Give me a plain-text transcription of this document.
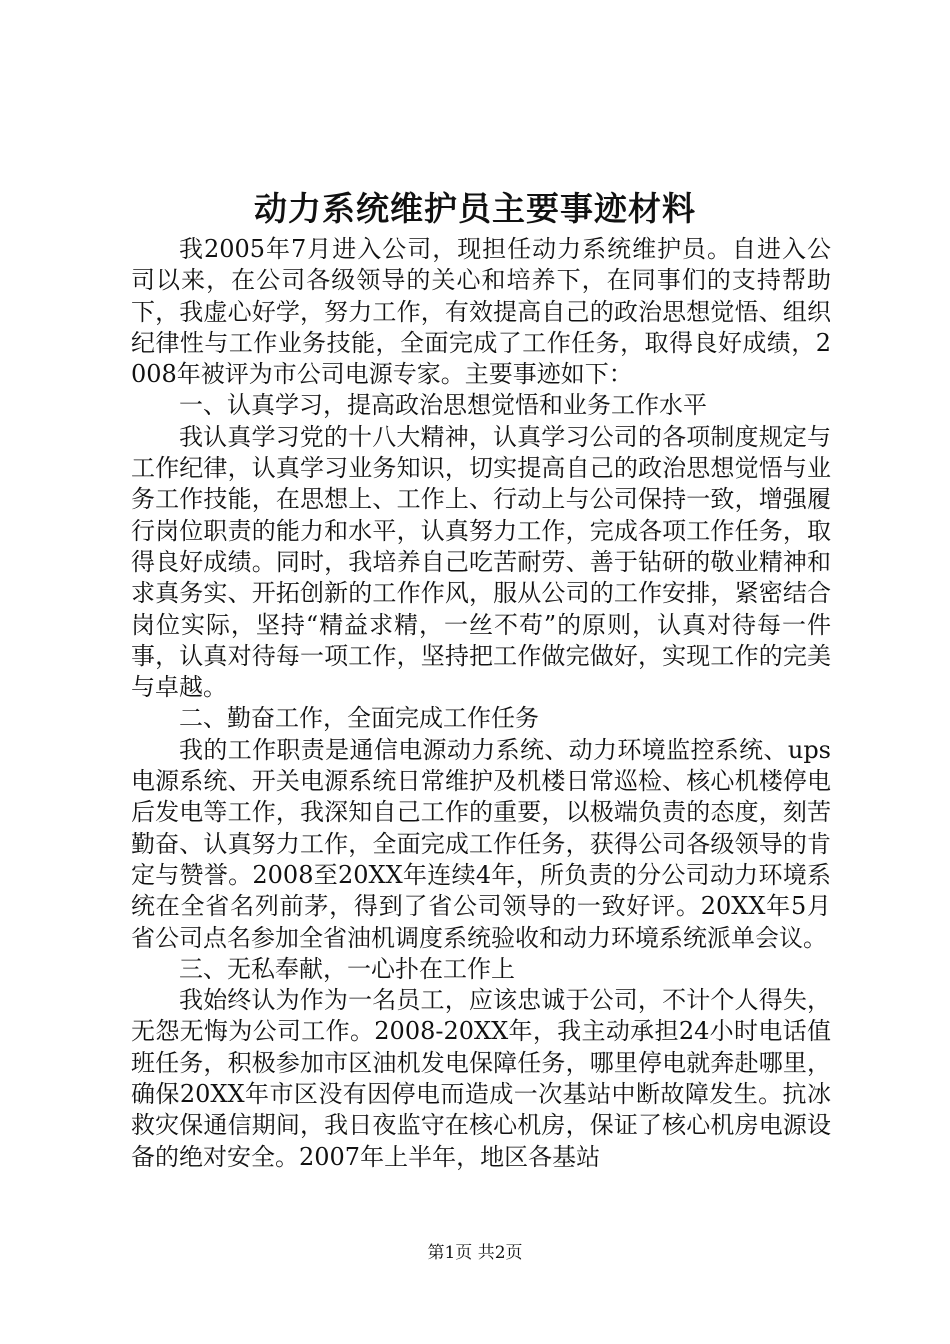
动力系统维护员主要事迹材料

我2005年7月进入公司，现担任动力系统维护员。自进入公司以来，在公司各级领导的关心和培养下，在同事们的支持帮助下，我虚心好学，努力工作，有效提高自己的政治思想觉悟、组织纪律性与工作业务技能，全面完成了工作任务，取得良好成绩，2008年被评为市公司电源专家。主要事迹如下：

一、认真学习，提高政治思想觉悟和业务工作水平

我认真学习党的十八大精神，认真学习公司的各项制度规定与工作纪律，认真学习业务知识，切实提高自己的政治思想觉悟与业务工作技能，在思想上、工作上、行动上与公司保持一致，增强履行岗位职责的能力和水平，认真努力工作，完成各项工作任务，取得良好成绩。同时，我培养自己吃苦耐劳、善于钻研的敬业精神和求真务实、开拓创新的工作作风，服从公司的工作安排，紧密结合岗位实际，坚持“精益求精，一丝不苟”的原则，认真对待每一件事，认真对待每一项工作，坚持把工作做完做好，实现工作的完美与卓越。

二、勤奋工作，全面完成工作任务

我的工作职责是通信电源动力系统、动力环境监控系统、ups电源系统、开关电源系统日常维护及机楼日常巡检、核心机楼停电后发电等工作，我深知自己工作的重要，以极端负责的态度，刻苦勤奋、认真努力工作，全面完成工作任务，获得公司各级领导的肯定与赞誉。2008至20XX年连续4年，所负责的分公司动力环境系统在全省名列前茅，得到了省公司领导的一致好评。20XX年5月省公司点名参加全省油机调度系统验收和动力环境系统派单会议。

三、无私奉献，一心扑在工作上

我始终认为作为一名员工，应该忠诚于公司，不计个人得失，无怨无悔为公司工作。2008-20XX年，我主动承担24小时电话值班任务，积极参加市区油机发电保障任务，哪里停电就奔赴哪里，确保20XX年市区没有因停电而造成一次基站中断故障发生。抗冰救灾保通信期间，我日夜监守在核心机房，保证了核心机房电源设备的绝对安全。2007年上半年，地区各基站

第1页 共2页
